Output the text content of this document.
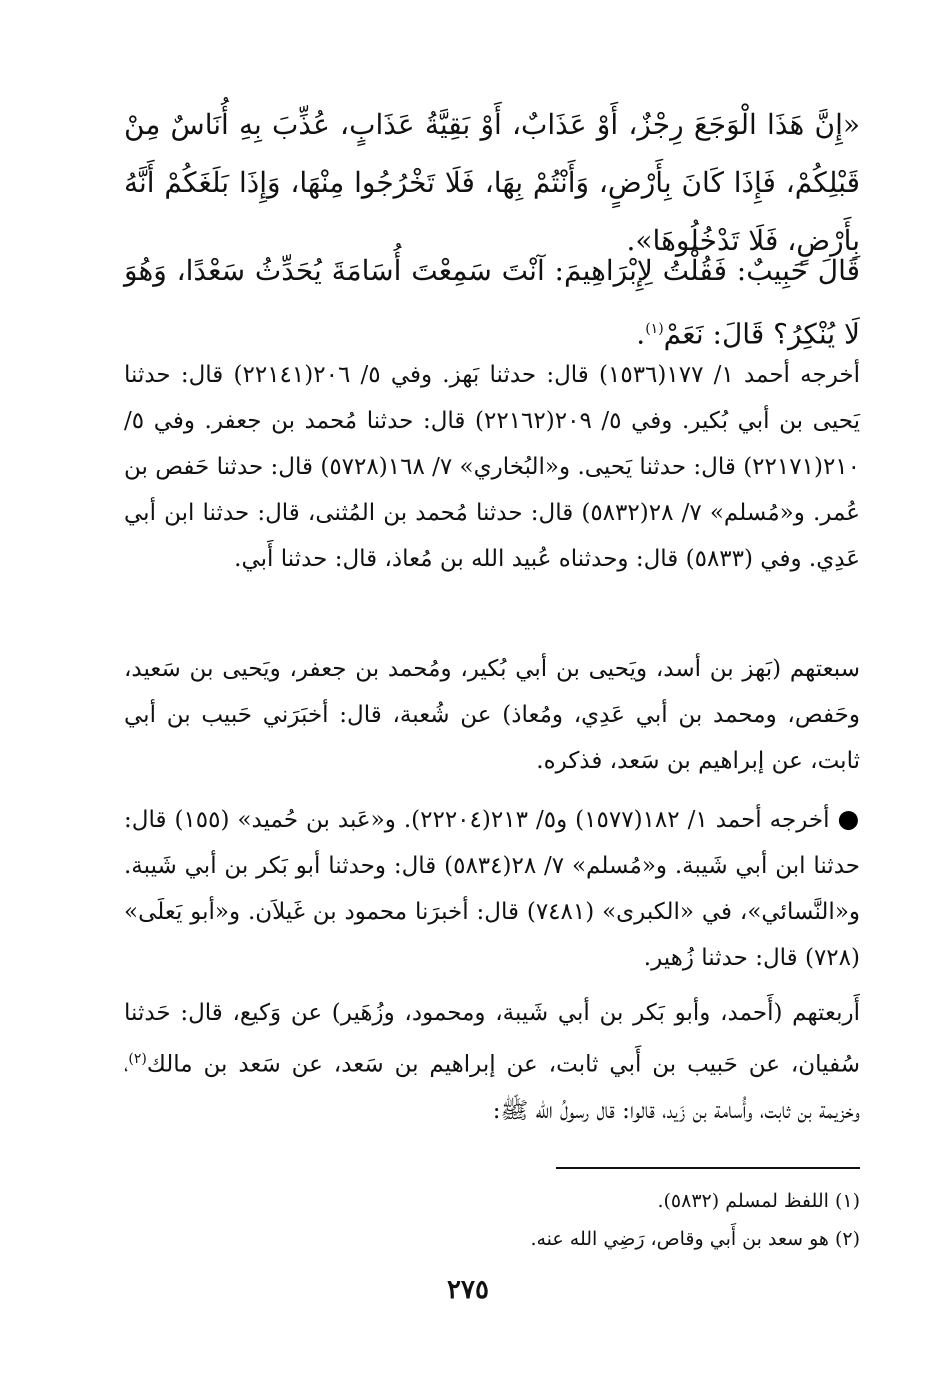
«إِنَّ هَذَا الْوَجَعَ رِجْزٌ، أَوْ عَذَابٌ، أَوْ بَقِيَّةُ عَذَابٍ، عُذِّبَ بِهِ أُنَاسٌ مِنْ قَبْلِكُمْ، فَإِذَا كَانَ بِأَرْضٍ، وَأَنْتُمْ بِهَا، فَلَا تَخْرُجُوا مِنْهَا، وَإِذَا بَلَغَكُمْ أَنَّهُ بِأَرْضٍ، فَلَا تَدْخُلُوهَا».

قَالَ حَبِيبٌ: فَقُلْتُ لِإِبْرَاهِيمَ: آنْتَ سَمِعْتَ أُسَامَةَ يُحَدِّثُ سَعْدًا، وَهُوَ لَا يُنْكِرُ؟ قَالَ: نَعَمْ$^{(١)}$.

أخرجه أحمد ١/ ١٧٧(١٥٣٦) قال: حدثنا بَهز. وفي ٥/ ٢٠٦(٢٢١٤١) قال: حدثنا يَحيى بن أبي بُكير. وفي ٥/ ٢٠٩(٢٢١٦٢) قال: حدثنا مُحمد بن جعفر. وفي ٥/ ٢١٠(٢٢١٧١) قال: حدثنا يَحيى. و«البُخاري» ٧/ ١٦٨(٥٧٢٨) قال: حدثنا حَفص بن عُمر. و«مُسلم» ٧/ ٢٨(٥٨٣٢) قال: حدثنا مُحمد بن المُثنى، قال: حدثنا ابن أبي عَدِي. وفي (٥٨٣٣) قال: وحدثناه عُبيد الله بن مُعاذ، قال: حدثنا أَبي.

سبعتهم (بَهز بن أسد، ويَحيى بن أبي بُكير، ومُحمد بن جعفر، ويَحيى بن سَعيد، وحَفص، ومحمد بن أبي عَدِي، ومُعاذ) عن شُعبة، قال: أخبَرَني حَبيب بن أبي ثابت، عن إبراهيم بن سَعد، فذكره.

●أخرجه أحمد ١/ ١٨٢(١٥٧٧) و٥/ ٢١٣(٢٢٢٠٤). و«عَبد بن حُميد» (١٥٥) قال: حدثنا ابن أبي شَيبة. و«مُسلم» ٧/ ٢٨(٥٨٣٤) قال: وحدثنا أبو بَكر بن أبي شَيبة. و«النَّسائي»، في «الكبرى» (٧٤٨١) قال: أخبرَنا محمود بن غَيلاَن. و«أبو يَعلَى» (٧٢٨) قال: حدثنا زُهير.

أَربعتهم (أَحمد، وأبو بَكر بن أبي شَيبة، ومحمود، وزُهَير) عن وَكيع، قال: حَدثنا سُفيان، عن حَبيب بن أَبي ثابت، عن إبراهيم بن سَعد، عن سَعد بن مالك$^{(٢)}$، وخزيمة بن ثابت، وأُسامة بن زَيد، قالوا: قال رسولُ الله ﷺ:

(١) اللفظ لمسلم (٥٨٣٢).

(٢) هو سعد بن أَبي وقاص، رَضِي الله عنه.

٢٧٥
